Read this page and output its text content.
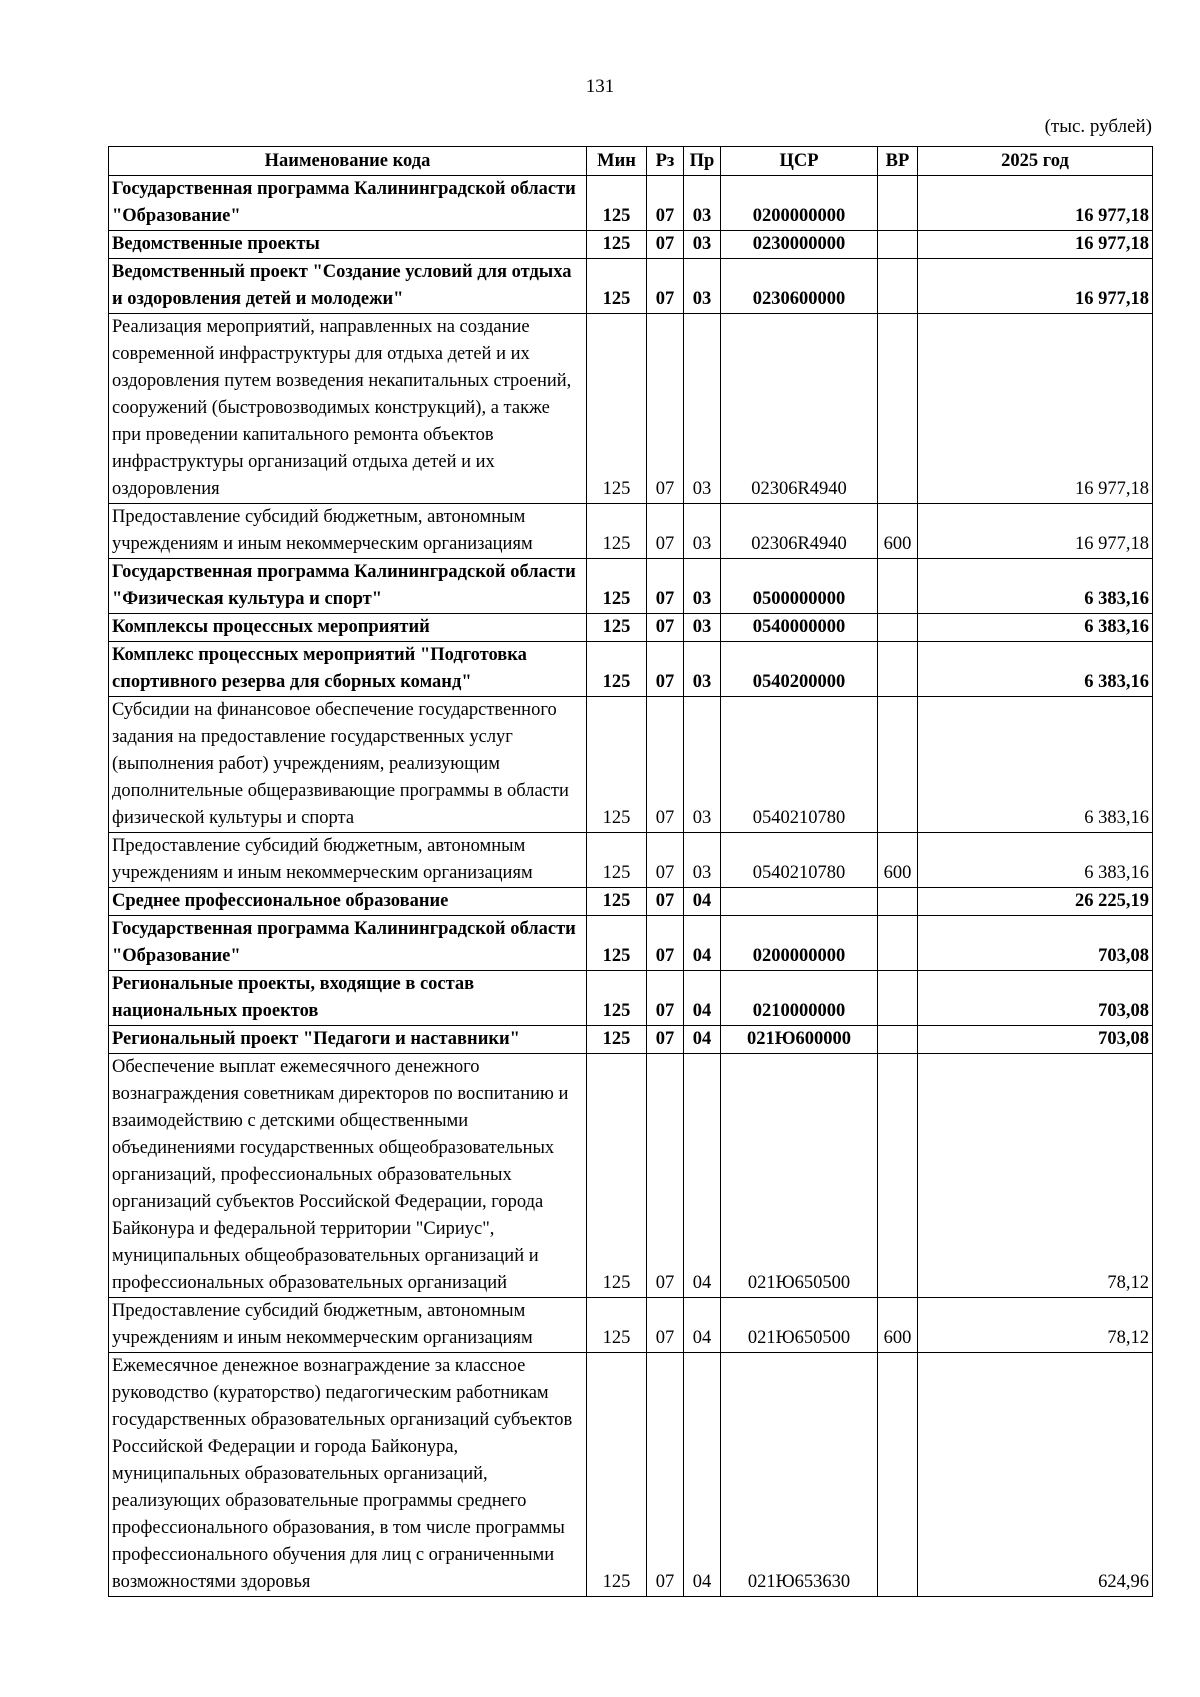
131
(тыс. рублей)
Наименование кода	Мин	Рз	Пр	ЦСР	ВР	2025 год
Государственная программа Калининградской области "Образование"	125	07	03	0200000000		16 977,18
Ведомственные проекты	125	07	03	0230000000		16 977,18
Ведомственный проект "Создание условий для отдыха и оздоровления детей и молодежи"	125	07	03	0230600000		16 977,18
Реализация мероприятий, направленных на создание современной инфраструктуры для отдыха детей и их оздоровления путем возведения некапитальных строений, сооружений (быстровозводимых конструкций), а также при проведении капитального ремонта объектов инфраструктуры организаций отдыха детей и их оздоровления	125	07	03	02306R4940		16 977,18
Предоставление субсидий бюджетным, автономным учреждениям и иным некоммерческим организациям	125	07	03	02306R4940	600	16 977,18
Государственная программа Калининградской области "Физическая культура и спорт"	125	07	03	0500000000		6 383,16
Комплексы процессных мероприятий	125	07	03	0540000000		6 383,16
Комплекс процессных мероприятий "Подготовка спортивного резерва для сборных команд"	125	07	03	0540200000		6 383,16
Субсидии на финансовое обеспечение государственного задания на предоставление государственных услуг (выполнения работ) учреждениям, реализующим дополнительные общеразвивающие программы в области физической культуры и спорта	125	07	03	0540210780		6 383,16
Предоставление субсидий бюджетным, автономным учреждениям и иным некоммерческим организациям	125	07	03	0540210780	600	6 383,16
Среднее профессиональное образование	125	07	04			26 225,19
Государственная программа Калининградской области "Образование"	125	07	04	0200000000		703,08
Региональные проекты, входящие в состав национальных проектов	125	07	04	0210000000		703,08
Региональный проект "Педагоги и наставники"	125	07	04	021Ю600000		703,08
Обеспечение выплат ежемесячного денежного вознаграждения советникам директоров по воспитанию и взаимодействию с детскими общественными объединениями государственных общеобразовательных организаций, профессиональных образовательных организаций субъектов Российской Федерации, города Байконура и федеральной территории "Сириус", муниципальных общеобразовательных организаций и профессиональных образовательных организаций	125	07	04	021Ю650500		78,12
Предоставление субсидий бюджетным, автономным учреждениям и иным некоммерческим организациям	125	07	04	021Ю650500	600	78,12
Ежемесячное денежное вознаграждение за классное руководство (кураторство) педагогическим работникам государственных образовательных организаций субъектов Российской Федерации и города Байконура, муниципальных образовательных организаций, реализующих образовательные программы среднего профессионального образования, в том числе программы профессионального обучения для лиц с ограниченными возможностями здоровья	125	07	04	021Ю653630		624,96
